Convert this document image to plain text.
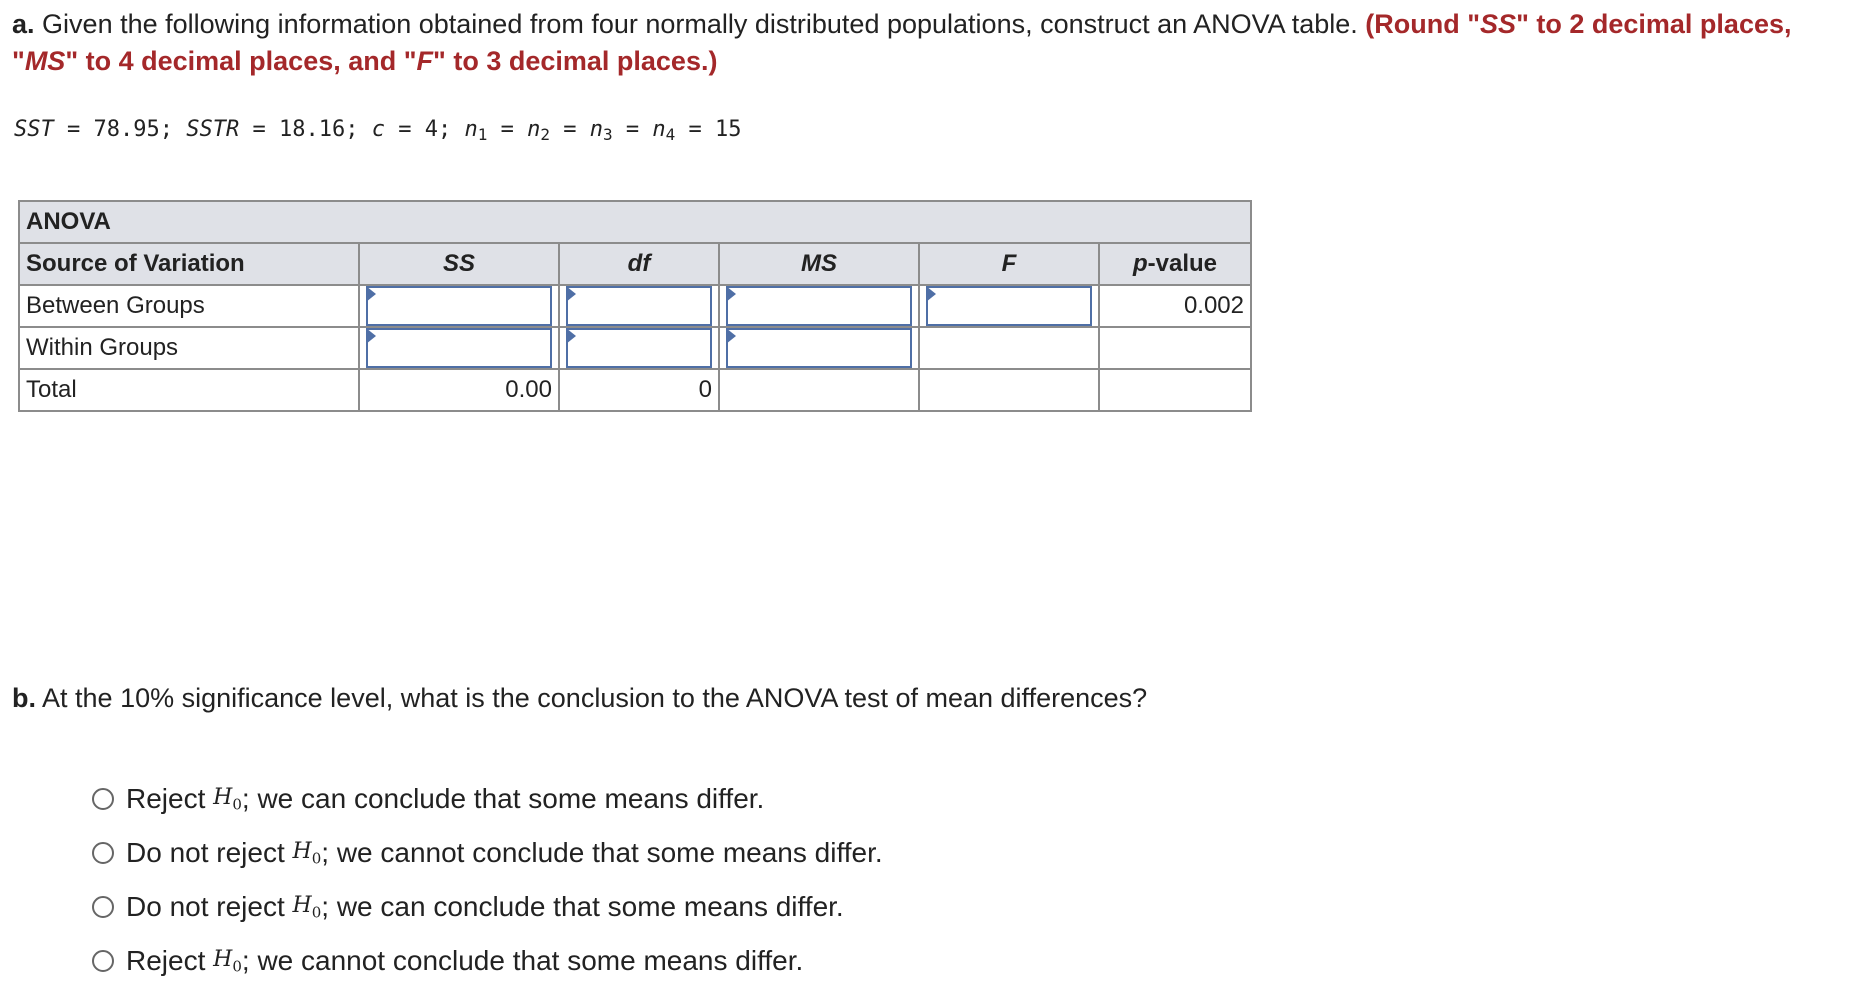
a. Given the following information obtained from four normally distributed populations, construct an ANOVA table. (Round "SS" to 2 decimal places, "MS" to 4 decimal places, and "F" to 3 decimal places.)
SST = 78.95; SSTR = 18.16; c = 4; $n_1 = n_2 = n_3 = n_4 = 15$
ANOVA					
Source of Variation	SS	df	MS	F	p-value
Between Groups					0.002
Within Groups	

Total	0.00	0			
b. At the 10% significance level, what is the conclusion to the ANOVA test of mean differences?
Reject
$H_0$ ; we can conclude that some means differ.
Do not reject
$H_0$ ; we cannot conclude that some means differ.
Do not reject
$H_0$ ; we can conclude that some means differ.
Reject
$H_0$ ; we cannot conclude that some means differ.
